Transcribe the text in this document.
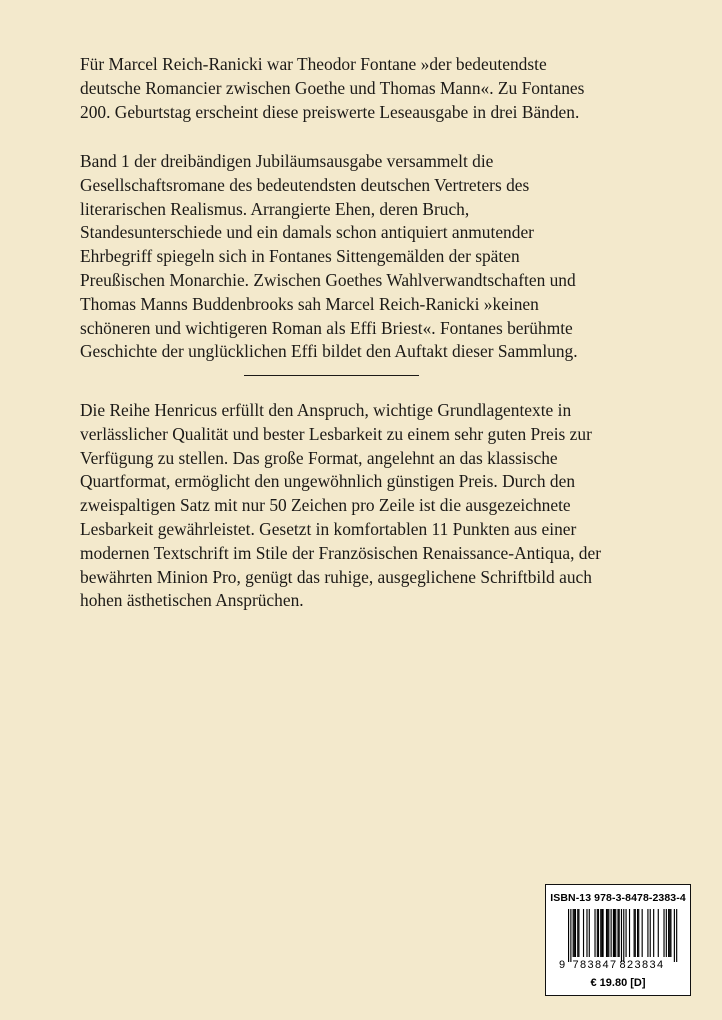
Für Marcel Reich-Ranicki war Theodor Fontane »der bedeutendste
deutsche Romancier zwischen Goethe und Thomas Mann«. Zu Fontanes
200. Geburtstag erscheint diese preiswerte Leseausgabe in drei Bänden.

Band 1 der dreibändigen Jubiläumsausgabe versammelt die
Gesellschaftsromane des bedeutendsten deutschen Vertreters des
literarischen Realismus. Arrangierte Ehen, deren Bruch,
Standesunterschiede und ein damals schon antiquiert anmutender
Ehrbegriff spiegeln sich in Fontanes Sittengemälden der späten
Preußischen Monarchie. Zwischen Goethes Wahlverwandtschaften und
Thomas Manns Buddenbrooks sah Marcel Reich-Ranicki »keinen
schöneren und wichtigeren Roman als Effi Briest«. Fontanes berühmte
Geschichte der unglücklichen Effi bildet den Auftakt dieser Sammlung.

Die Reihe Henricus erfüllt den Anspruch, wichtige Grundlagentexte in
verlässlicher Qualität und bester Lesbarkeit zu einem sehr guten Preis zur
Verfügung zu stellen. Das große Format, angelehnt an das klassische
Quartformat, ermöglicht den ungewöhnlich günstigen Preis. Durch den
zweispaltigen Satz mit nur 50 Zeichen pro Zeile ist die ausgezeichnete
Lesbarkeit gewährleistet. Gesetzt in komfortablen 11 Punkten aus einer
modernen Textschrift im Stile der Französischen Renaissance-Antiqua, der
bewährten Minion Pro, genügt das ruhige, ausgeglichene Schriftbild auch
hohen ästhetischen Ansprüchen.

ISBN-13 978-3-8478-2383-4
9 783847 823834
€ 19.80 [D]
